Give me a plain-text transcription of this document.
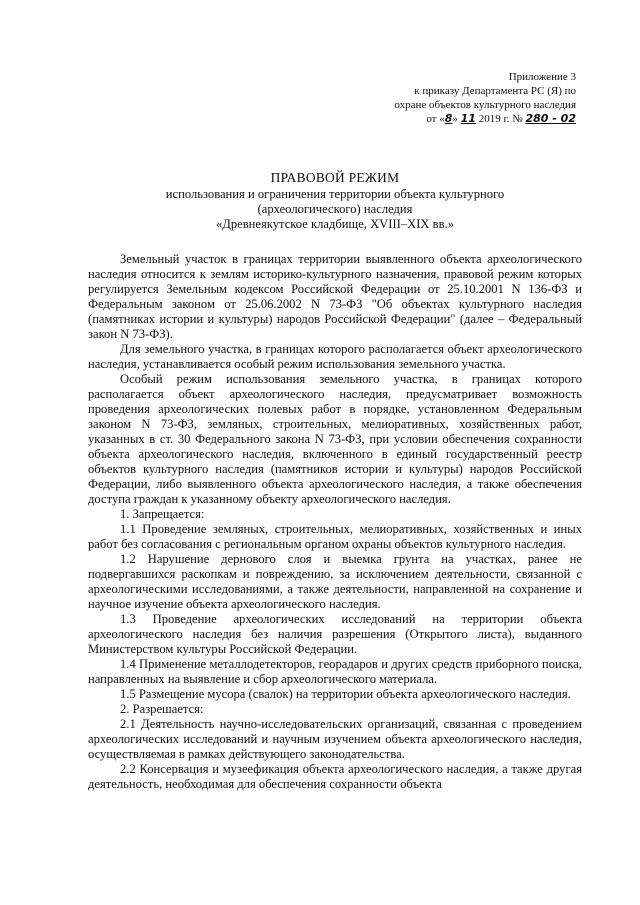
Приложение 3
к приказу Департамента РС (Я) по
охране объектов культурного наследия
от «8» 11 2019 г. № 280 - 02
ПРАВОВОЙ РЕЖИМ
использования и ограничения территории объекта культурного
(археологического) наследия
«Древнеякутское кладбище, XVIII–XIX вв.»

Земельный участок в границах территории выявленного объекта археологического наследия относится к землям историко-культурного назначения, правовой режим которых регулируется Земельным кодексом Российской Федерации от 25.10.2001 N 136-ФЗ и Федеральным законом от 25.06.2002 N 73-ФЗ "Об объектах культурного наследия (памятниках истории и культуры) народов Российской Федерации" (далее – Федеральный закон N 73-ФЗ).

Для земельного участка, в границах которого располагается объект археологического наследия, устанавливается особый режим использования земельного участка.

Особый режим использования земельного участка, в границах которого располагается объект археологического наследия, предусматривает возможность проведения археологических полевых работ в порядке, установленном Федеральным законом N 73-ФЗ, земляных, строительных, мелиоративных, хозяйственных работ, указанных в ст. 30 Федерального закона N 73-ФЗ, при условии обеспечения сохранности объекта археологического наследия, включенного в единый государственный реестр объектов культурного наследия (памятников истории и культуры) народов Российской Федерации, либо выявленного объекта археологического наследия, а также обеспечения доступа граждан к указанному объекту археологического наследия.

1. Запрещается:

1.1 Проведение земляных, строительных, мелиоративных, хозяйственных и иных работ без согласования с региональным органом охраны объектов культурного наследия.

1.2 Нарушение дернового слоя и выемка грунта на участках, ранее не подвергавшихся раскопкам и повреждению, за исключением деятельности, связанной с археологическими исследованиями, а также деятельности, направленной на сохранение и научное изучение объекта археологического наследия.

1.3 Проведение археологических исследований на территории объекта археологического наследия без наличия разрешения (Открытого листа), выданного Министерством культуры Российской Федерации.

1.4 Применение металлодетекторов, георадаров и других средств приборного поиска, направленных на выявление и сбор археологического материала.

1.5 Размещение мусора (свалок) на территории объекта археологического наследия.

2. Разрешается:

2.1 Деятельность научно-исследовательских организаций, связанная с проведением археологических исследований и научным изучением объекта археологического наследия, осуществляемая в рамках действующего законодательства.

2.2 Консервация и музеефикация объекта археологического наследия, а также другая деятельность, необходимая для обеспечения сохранности объекта
